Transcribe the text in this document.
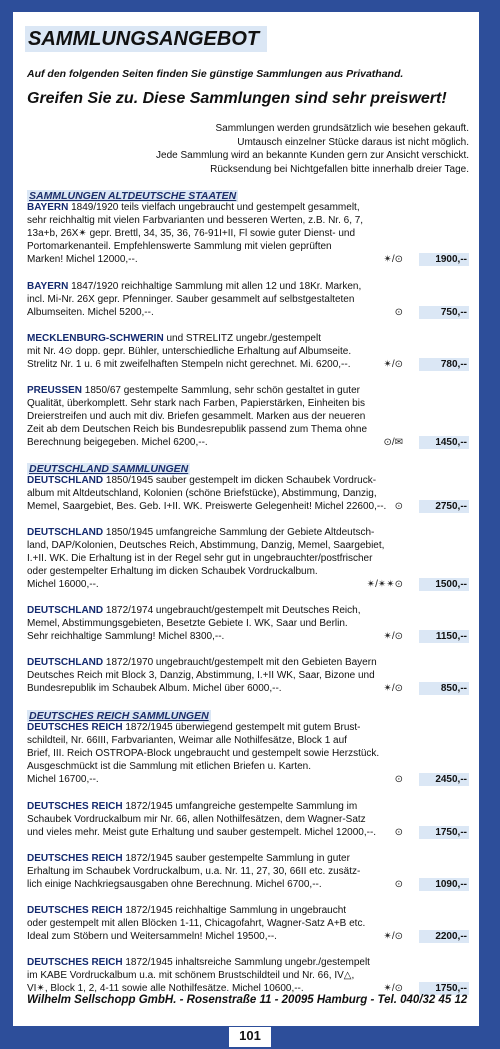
SAMMLUNGSANGEBOT
Auf den folgenden Seiten finden Sie günstige Sammlungen aus Privathand.
Greifen Sie zu. Diese Sammlungen sind sehr preiswert!
Sammlungen werden grundsätzlich wie besehen gekauft.
Umtausch einzelner Stücke daraus ist nicht möglich.
Jede Sammlung wird an bekannte Kunden gern zur Ansicht verschickt.
Rücksendung bei Nichtgefallen bitte innerhalb dreier Tage.
SAMMLUNGEN ALTDEUTSCHE STAATEN
DEUTSCHLAND SAMMLUNGEN
DEUTSCHES REICH SAMMLUNGEN
BAYERN 1849/1920 teils vielfach ungebraucht und gestempelt gesammelt,
sehr reichhaltig mit vielen Farbvarianten und besseren Werten, z.B. Nr. 6, 7,
13a+b, 26X✴ gepr. Brettl, 34, 35, 36, 76-91I+II, Fl sowie guter Dienst- und
Portomarkenanteil. Empfehlenswerte Sammlung mit vielen geprüften
Marken! Michel 12000,--.	✴/⊙	1900,--
BAYERN 1847/1920 reichhaltige Sammlung mit allen 12 und 18Kr. Marken,
incl. Mi-Nr. 26X gepr. Pfenninger. Sauber gesammelt auf selbstgestalteten
Albumseiten. Michel 5200,--.	⊙	750,--
MECKLENBURG-SCHWERIN und STRELITZ ungebr./gestempelt
mit Nr. 4⊙ dopp. gepr. Bühler, unterschiedliche Erhaltung auf Albumseite.
Strelitz Nr. 1 u. 6 mit zweifelhaften Stempeln nicht gerechnet. Mi. 6200,--.	✴/⊙	780,--
PREUSSEN 1850/67 gestempelte Sammlung, sehr schön gestaltet in guter
Qualität, überkomplett. Sehr stark nach Farben, Papierstärken, Einheiten bis
Dreierstreifen und auch mit div. Briefen gesammelt. Marken aus der neueren
Zeit ab dem Deutschen Reich bis Bundesrepublik passend zum Thema ohne
Berechnung beigegeben. Michel 6200,--.	⊙/✉	1450,--
DEUTSCHLAND 1850/1945 sauber gestempelt im dicken Schaubek Vordruck-
album mit Altdeutschland, Kolonien (schöne Briefstücke), Abstimmung, Danzig,
Memel, Saargebiet, Bes. Geb. I+II. WK. Preiswerte Gelegenheit! Michel 22600,--. ⊙	2750,--
DEUTSCHLAND 1850/1945 umfangreiche Sammlung der Gebiete Altdeutsch-
land, DAP/Kolonien, Deutsches Reich, Abstimmung, Danzig, Memel, Saargebiet,
I.+II. WK. Die Erhaltung ist in der Regel sehr gut in ungebrauchter/postfrischer
oder gestempelter Erhaltung im dicken Schaubek Vordruckalbum.
Michel 16000,--.	✴/✴✴⊙	1500,--
DEUTSCHLAND 1872/1974 ungebraucht/gestempelt mit Deutsches Reich,
Memel, Abstimmungsgebieten, Besetzte Gebiete I. WK, Saar und Berlin.
Sehr reichhaltige Sammlung! Michel 8300,--.	✴/⊙	1150,--
DEUTSCHLAND 1872/1970 ungebraucht/gestempelt mit den Gebieten Bayern
Deutsches Reich mit Block 3, Danzig, Abstimmung, I.+II WK, Saar, Bizone und
Bundesrepublik im Schaubek Album. Michel über 6000,--.	✴/⊙	850,--
DEUTSCHES REICH 1872/1945 überwiegend gestempelt mit gutem Brust-
schildteil, Nr. 66III, Farbvarianten, Weimar alle Nothilfesätze, Block 1 auf
Brief, III. Reich OSTROPA-Block ungebraucht und gestempelt sowie Herzstück.
Ausgeschmückt ist die Sammlung mit etlichen Briefen u. Karten.
Michel 16700,--.	⊙	2450,--
DEUTSCHES REICH 1872/1945 umfangreiche gestempelte Sammlung im
Schaubek Vordruckalbum mir Nr. 66, allen Nothilfesätzen, dem Wagner-Satz
und vieles mehr. Meist gute Erhaltung und sauber gestempelt. Michel 12000,--. ⊙	1750,--
DEUTSCHES REICH 1872/1945 sauber gestempelte Sammlung in guter
Erhaltung im Schaubek Vordruckalbum, u.a. Nr. 11, 27, 30, 66II etc. zusätz-
lich einige Nachkriegsausgaben ohne Berechnung. Michel 6700,--.	⊙	1090,--
DEUTSCHES REICH 1872/1945 reichhaltige Sammlung in ungebraucht
oder gestempelt mit allen Blöcken 1-11, Chicagofahrt, Wagner-Satz A+B etc.
Ideal zum Stöbern und Weitersammeln! Michel 19500,--.	✴/⊙	2200,--
DEUTSCHES REICH 1872/1945 inhaltsreiche Sammlung ungebr./gestempelt
im KABE Vordruckalbum u.a. mit schönem Brustschildteil und Nr. 66, IV△,
VI✴, Block 1, 2, 4-11 sowie alle Nothilfesätze. Michel 10600,--.	✴/⊙	1750,--
Wilhelm Sellschopp GmbH. - Rosenstraße 11 - 20095 Hamburg - Tel. 040/32 45 12
101
